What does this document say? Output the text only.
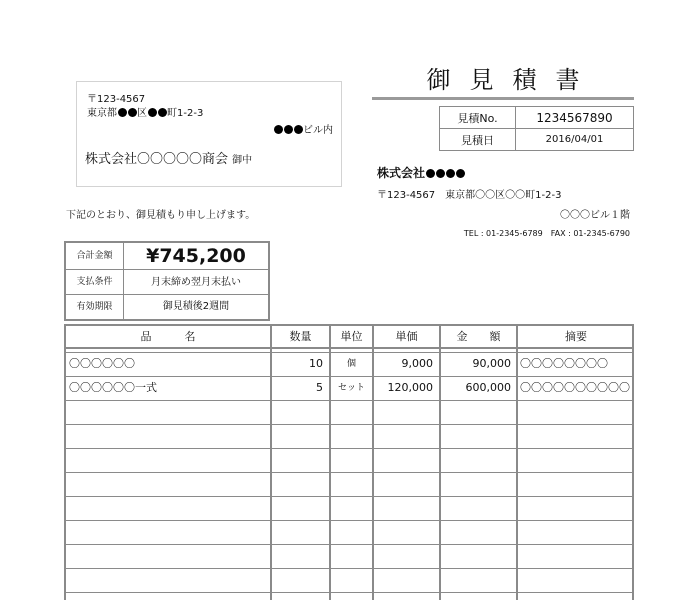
〒123-4567
東京都 区 町1-2-3
ビル内
株式会社〇〇〇〇〇商会 御中
御見積書
見積No.	1234567890
見積日	2016/04/01
株式会社
〒123-4567　東京都〇〇区〇〇町1-2-3
〇〇〇ビル１階
TEL : 01-2345-6789　FAX : 01-2345-6790
下記のとおり、御見積もり申し上げます。
合計金額	¥745,200
支払条件	月末締め翌月末払い
有効期限	御見積後2週間
品　　　名	数量	単位	単価	金　　額	摘要
〇〇〇〇〇〇	10	個	9,000	90,000 〇〇〇〇〇〇〇〇
〇〇〇〇〇〇一式	5	セット	120,000	600,000 〇〇〇〇〇〇〇〇〇〇
